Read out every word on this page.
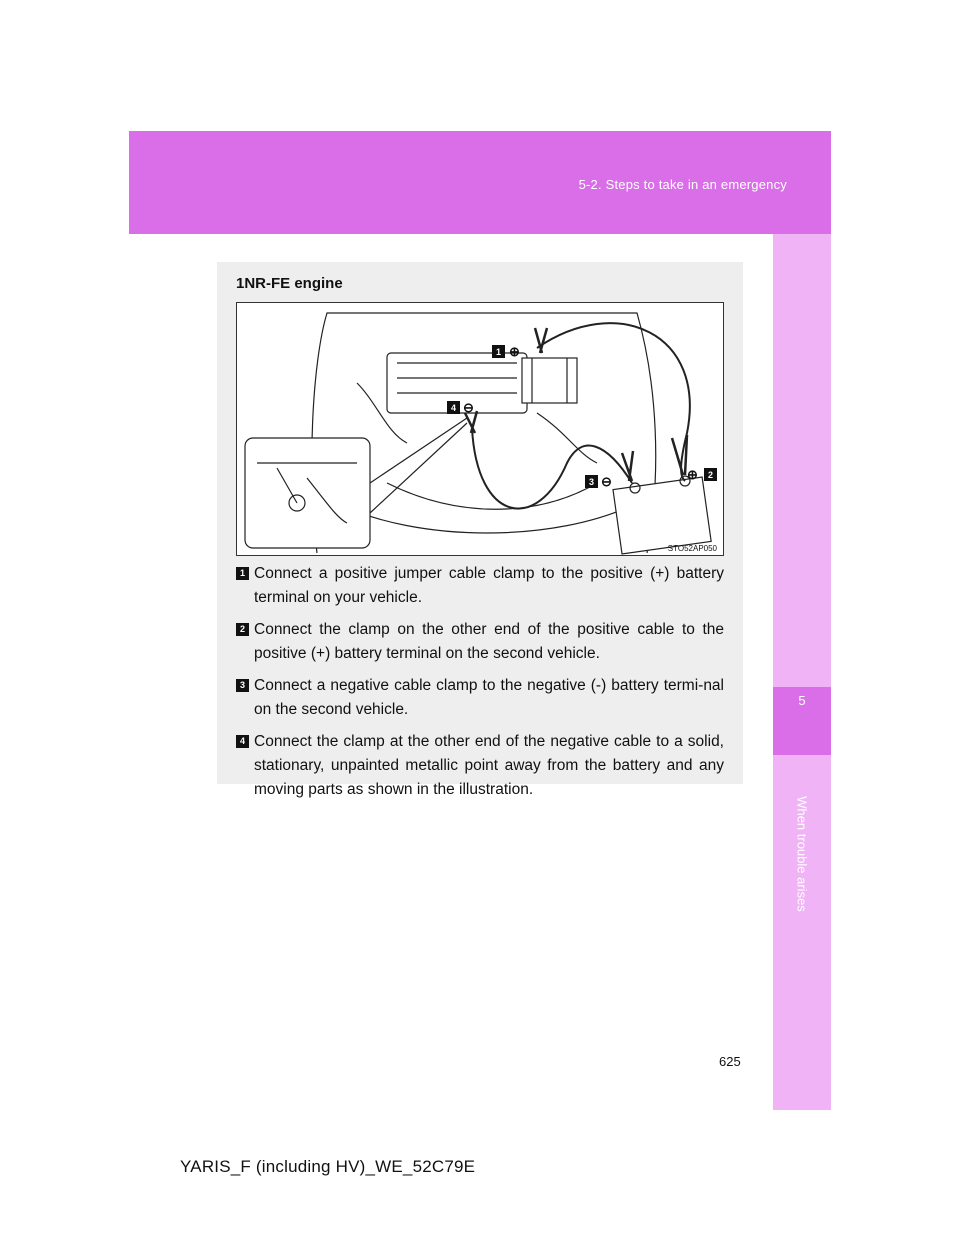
5-2. Steps to take in an emergency
5
When trouble arises
1NR-FE engine
1 ⊕
4 ⊖
3 ⊖	2
⊕
STO52AP050
1 Connect a positive jumper cable clamp to the positive (+) battery terminal on your vehicle.
2 Connect the clamp on the other end of the positive cable to the positive (+) battery terminal on the second vehicle.
3 Connect a negative cable clamp to the negative (-) battery termi-nal on the second vehicle.
4 Connect the clamp at the other end of the negative cable to a solid, stationary, unpainted metallic point away from the battery and any moving parts as shown in the illustration.
625
YARIS_F (including HV)_WE_52C79E
